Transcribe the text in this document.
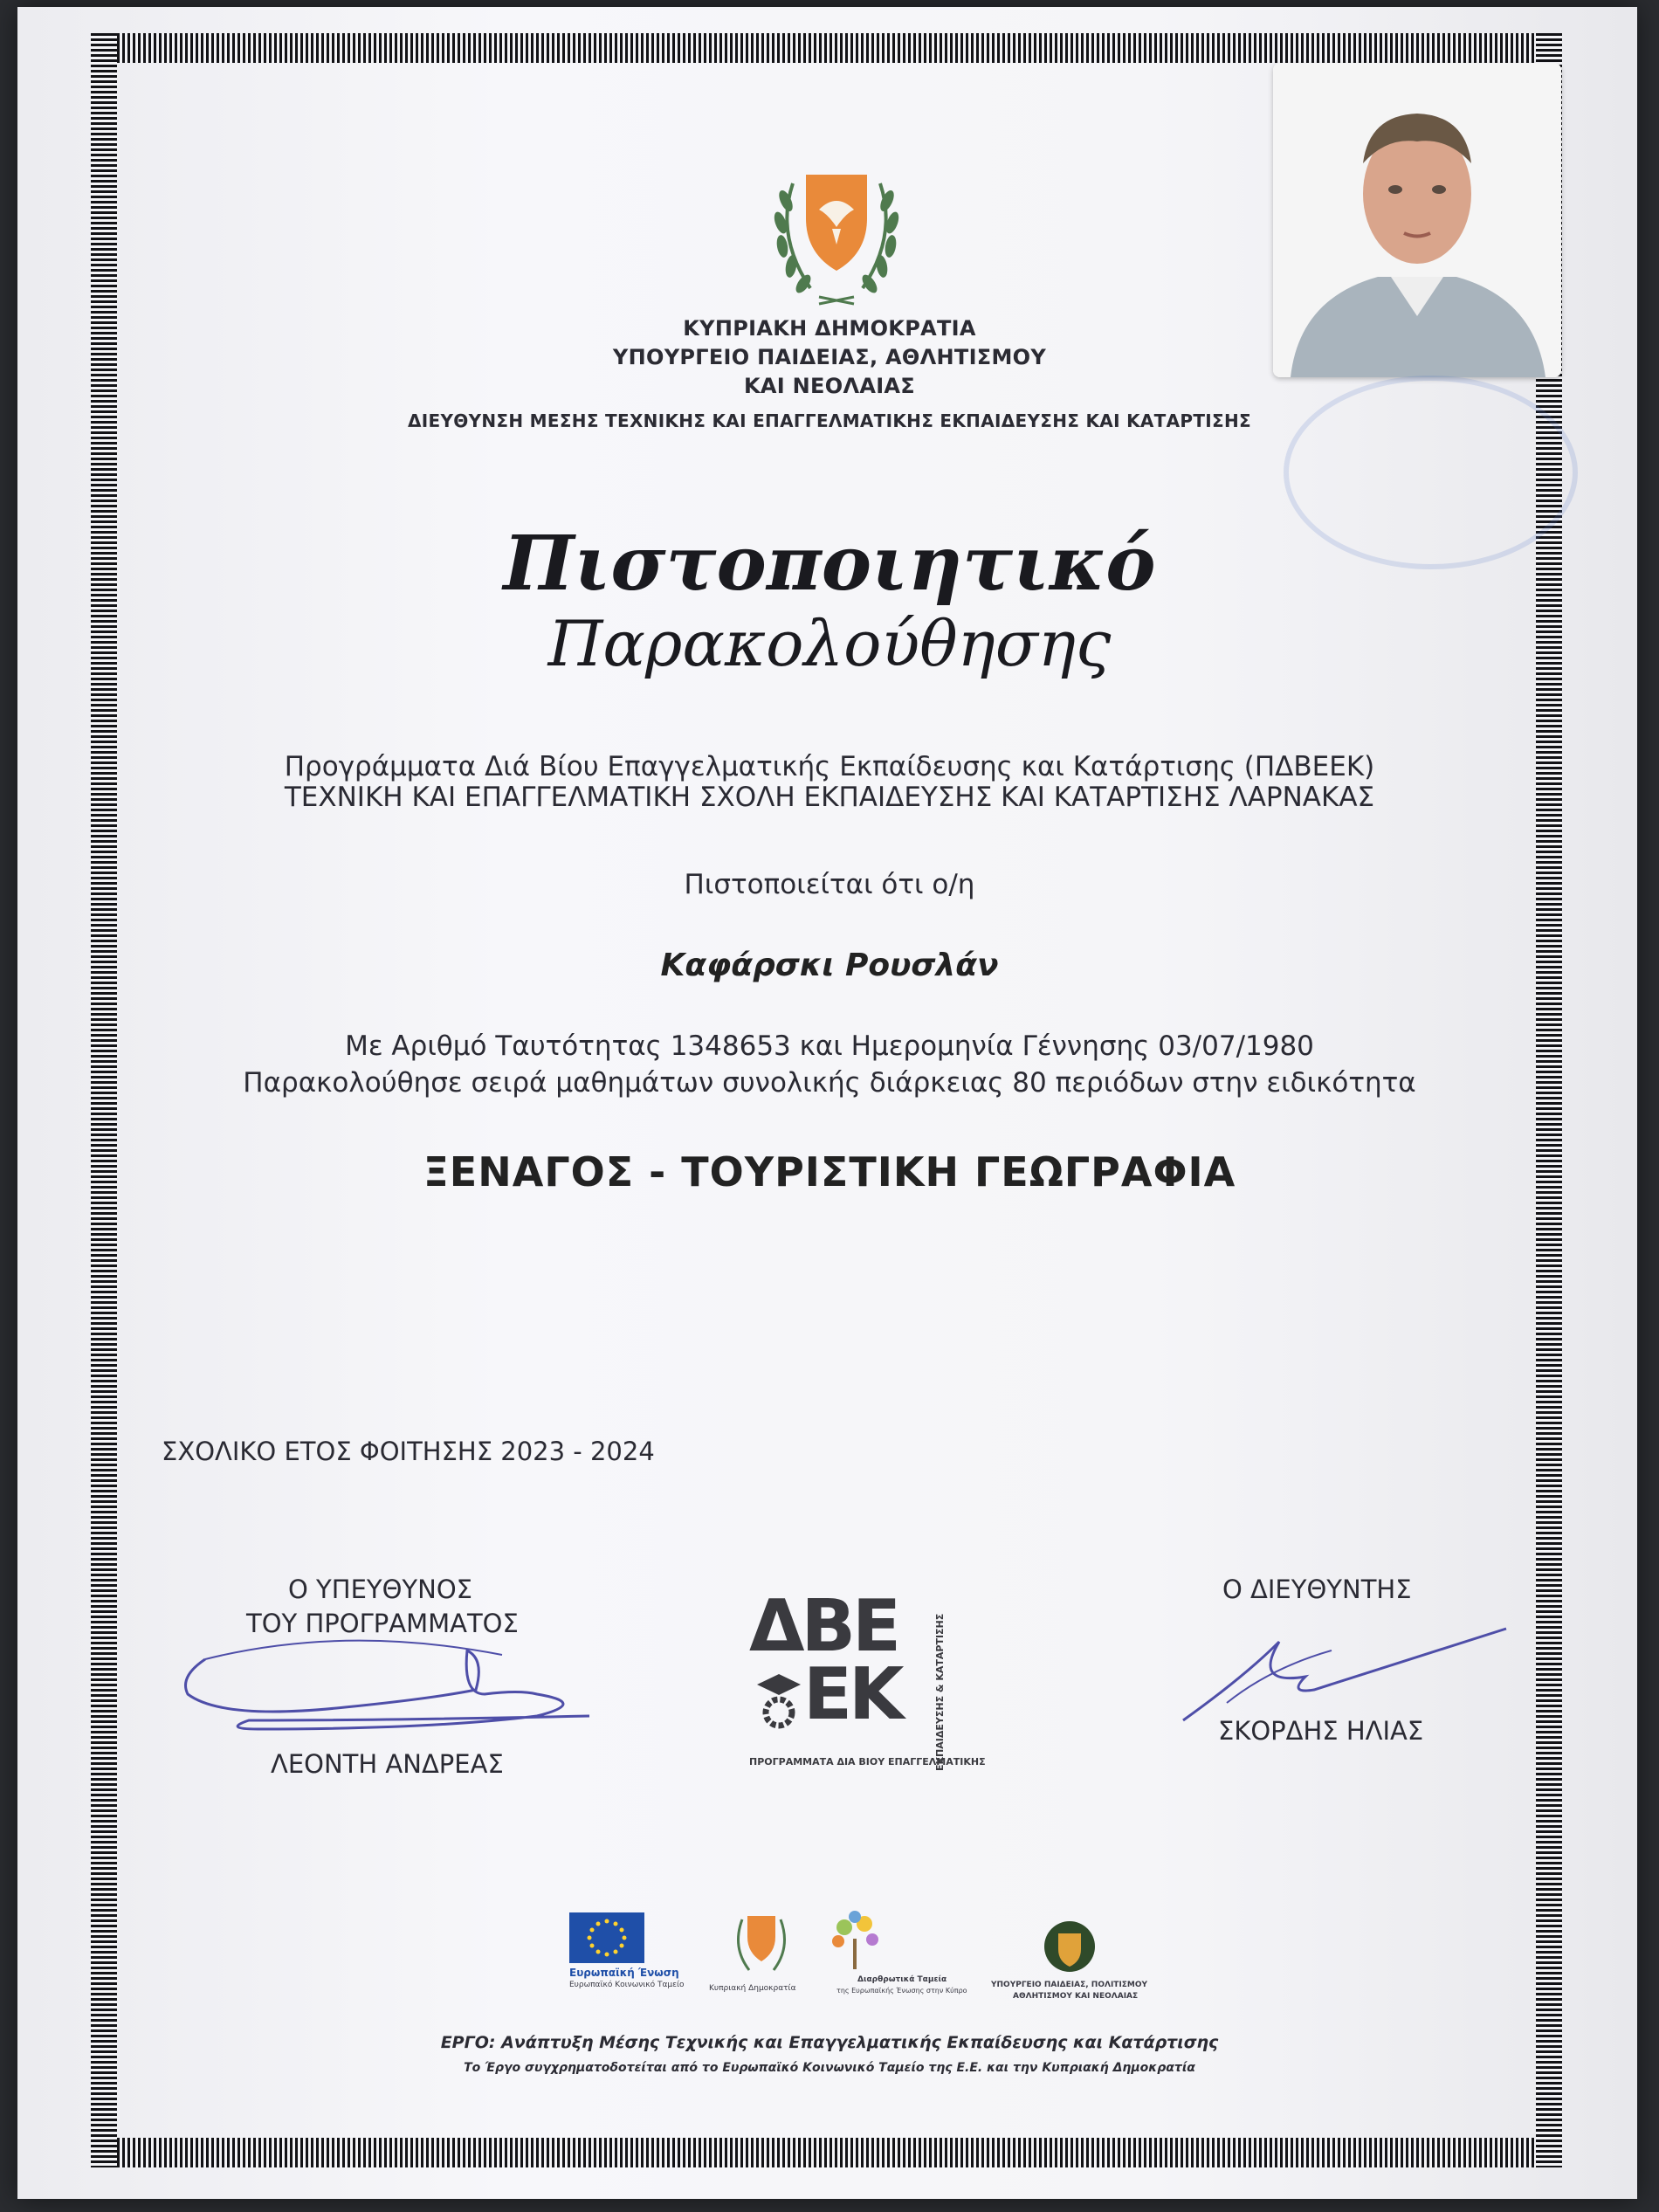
ΚΥΠΡΙΑΚΗ ΔΗΜΟΚΡΑΤΙΑ
ΥΠΟΥΡΓΕΙΟ ΠΑΙΔΕΙΑΣ, ΑΘΛΗΤΙΣΜΟΥ
ΚΑΙ ΝΕΟΛΑΙΑΣ
ΔΙΕΥΘΥΝΣΗ ΜΕΣΗΣ ΤΕΧΝΙΚΗΣ ΚΑΙ ΕΠΑΓΓΕΛΜΑΤΙΚΗΣ ΕΚΠΑΙΔΕΥΣΗΣ ΚΑΙ ΚΑΤΑΡΤΙΣΗΣ
Πιστοποιητικό
Παρακολούθησης
Προγράμματα Διά Βίου Επαγγελματικής Εκπαίδευσης και Κατάρτισης (ΠΔΒΕΕΚ)
ΤΕΧΝΙΚΗ ΚΑΙ ΕΠΑΓΓΕΛΜΑΤΙΚΗ ΣΧΟΛΗ ΕΚΠΑΙΔΕΥΣΗΣ ΚΑΙ ΚΑΤΑΡΤΙΣΗΣ ΛΑΡΝΑΚΑΣ
Πιστοποιείται ότι ο/η
Καφάρσκι Ρουσλάν
Με Αριθμό Ταυτότητας 1348653 και Ημερομηνία Γέννησης 03/07/1980
Παρακολούθησε σειρά μαθημάτων συνολικής διάρκειας 80 περιόδων στην ειδικότητα
ΞΕΝΑΓΟΣ - ΤΟΥΡΙΣΤΙΚΗ ΓΕΩΓΡΑΦΙΑ
ΣΧΟΛΙΚΟ ΕΤΟΣ ΦΟΙΤΗΣΗΣ 2023 - 2024
Ο ΥΠΕΥΘΥΝΟΣ
ΤΟΥ ΠΡΟΓΡΑΜΜΑΤΟΣ
ΛΕΟΝΤΗ ΑΝΔΡΕΑΣ
ΔΒΕ
ΕΚ	ΕΚΠΑΙΔΕΥΣΗΣ & ΚΑΤΑΡΤΙΣΗΣ
ΠΡΟΓΡΑΜΜΑΤΑ ΔΙΑ ΒΙΟΥ ΕΠΑΓΓΕΛΜΑΤΙΚΗΣ
Ο ΔΙΕΥΘΥΝΤΗΣ
ΣΚΟΡΔΗΣ ΗΛΙΑΣ
Ευρωπαϊκή Ένωση
Ευρωπαϊκό Κοινωνικό Ταμείο	Κυπριακή Δημοκρατία
Διαρθρωτικά Ταμεία
της Ευρωπαϊκής Ένωσης στην Κύπρο
ΥΠΟΥΡΓΕΙΟ ΠΑΙΔΕΙΑΣ, ΠΟΛΙΤΙΣΜΟΥ
ΑΘΛΗΤΙΣΜΟΥ ΚΑΙ ΝΕΟΛΑΙΑΣ
ΕΡΓΟ: Ανάπτυξη Μέσης Τεχνικής και Επαγγελματικής Εκπαίδευσης και Κατάρτισης
Το Έργο συγχρηματοδοτείται από το Ευρωπαϊκό Κοινωνικό Ταμείο της Ε.Ε. και την Κυπριακή Δημοκρατία
